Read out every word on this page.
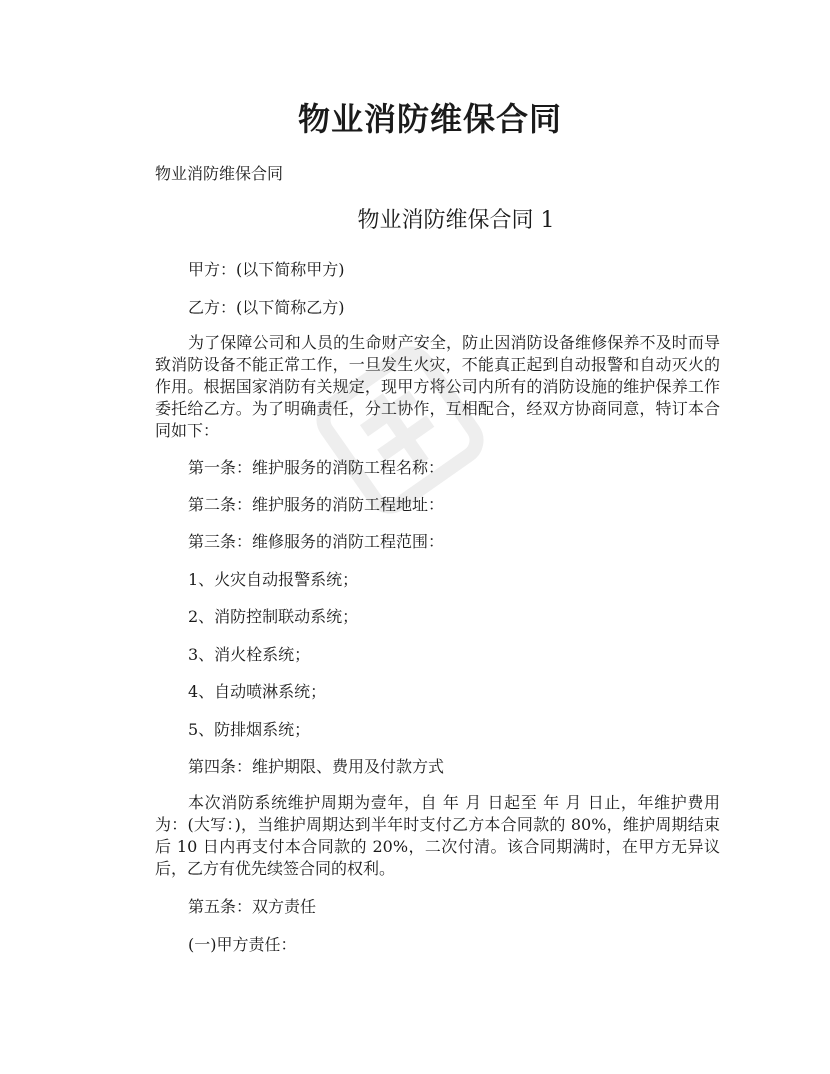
物业消防维保合同
物业消防维保合同
物业消防维保合同 1
甲方：(以下简称甲方)
乙方：(以下简称乙方)
为了保障公司和人员的生命财产安全，防止因消防设备维修保养不及时而导致消防设备不能正常工作，一旦发生火灾，不能真正起到自动报警和自动灭火的作用。根据国家消防有关规定，现甲方将公司内所有的消防设施的维护保养工作委托给乙方。为了明确责任，分工协作，互相配合，经双方协商同意，特订本合同如下：
第一条：维护服务的消防工程名称：
第二条：维护服务的消防工程地址：
第三条：维修服务的消防工程范围：
1、火灾自动报警系统；
2、消防控制联动系统；
3、消火栓系统；
4、自动喷淋系统；
5、防排烟系统；
第四条：维护期限、费用及付款方式
本次消防系统维护周期为壹年，自 年 月 日起至 年 月 日止，年维护费用为：(大写：)，当维护周期达到半年时支付乙方本合同款的 80%，维护周期结束后 10 日内再支付本合同款的 20%，二次付清。该合同期满时，在甲方无异议后，乙方有优先续签合同的权利。
第五条：双方责任
(一)甲方责任：
